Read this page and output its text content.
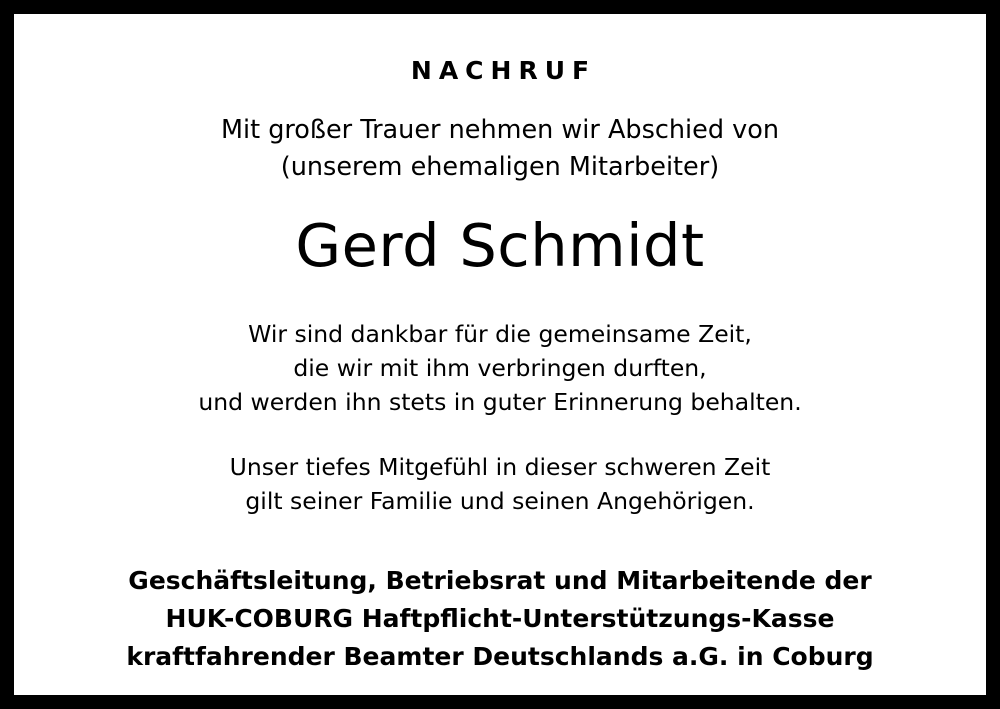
NACHRUF
Mit großer Trauer nehmen wir Abschied von
(unserem ehemaligen Mitarbeiter)
Gerd Schmidt
Wir sind dankbar für die gemeinsame Zeit,
die wir mit ihm verbringen durften,
und werden ihn stets in guter Erinnerung behalten.
Unser tiefes Mitgefühl in dieser schweren Zeit
gilt seiner Familie und seinen Angehörigen.
Geschäftsleitung, Betriebsrat und Mitarbeitende der
HUK-COBURG Haftpflicht-Unterstützungs-Kasse
kraftfahrender Beamter Deutschlands a.G. in Coburg
